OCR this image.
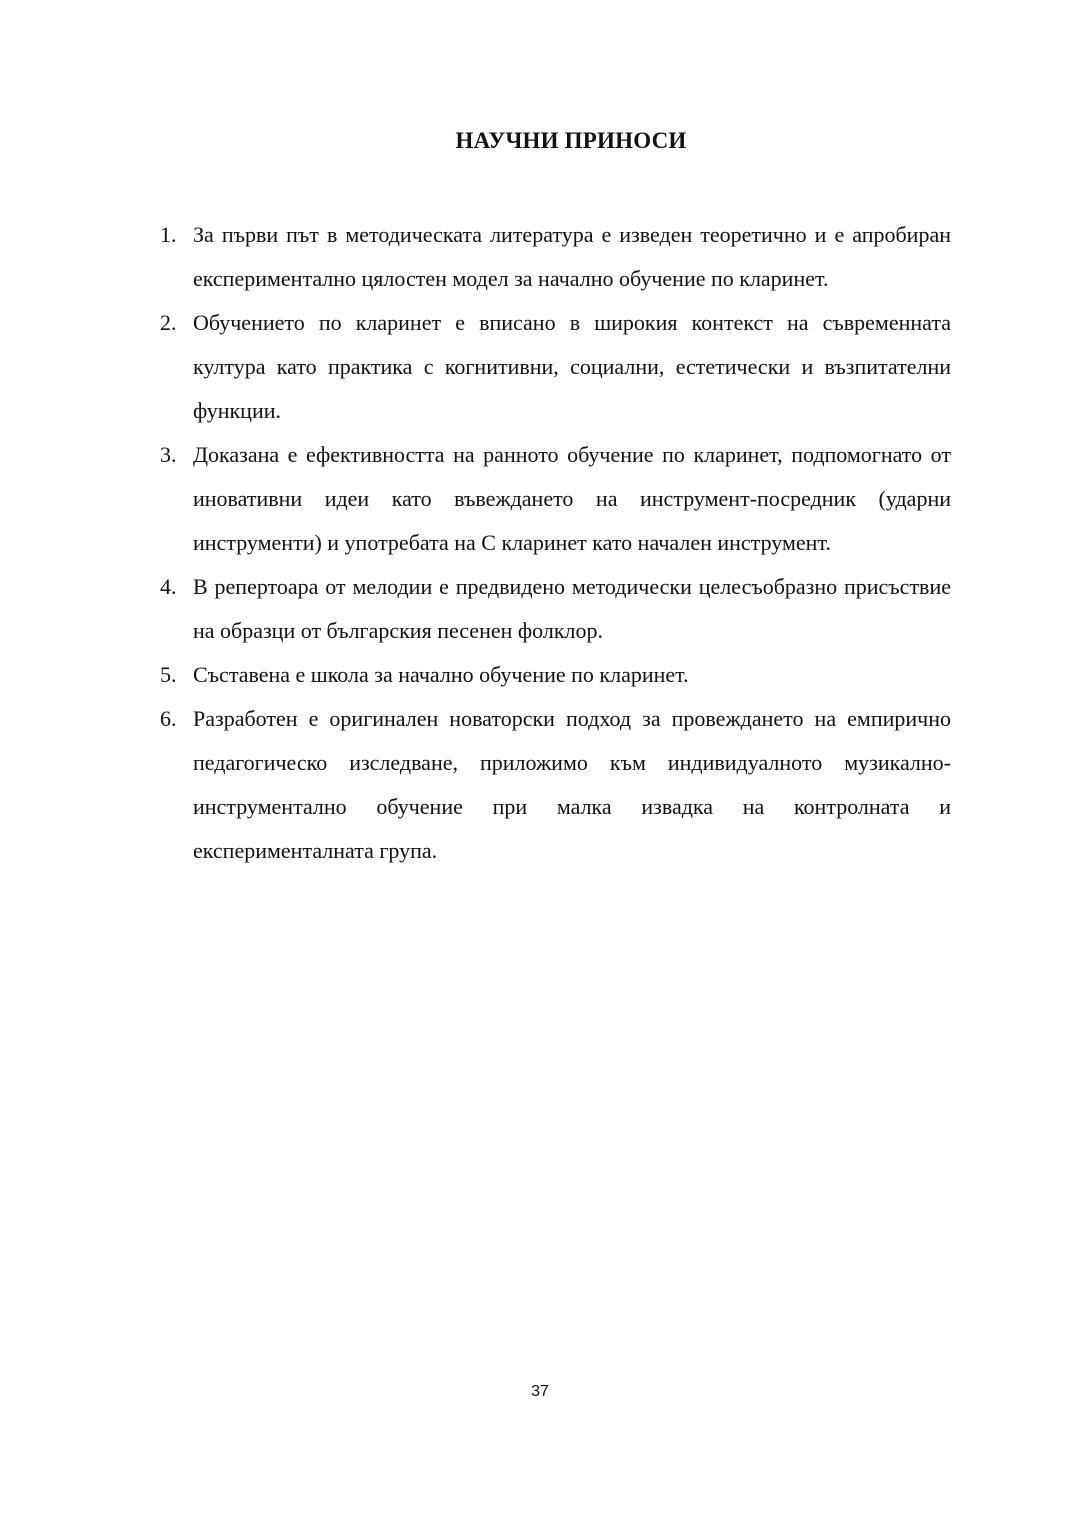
НАУЧНИ ПРИНОСИ
1. За първи път в методическата литература е изведен теоретично и е апробиран експериментално цялостен модел за начално обучение по кларинет.
2. Обучението по кларинет е вписано в широкия контекст на съвременната култура като практика с когнитивни, социални, естетически и възпитателни функции.
3. Доказана е ефективността на ранното обучение по кларинет, подпомогнато от иновативни идеи като въвеждането на инструмент-посредник (ударни инструменти) и употребата на С кларинет като начален инструмент.
4. В репертоара от мелодии е предвидено методически целесъобразно присъствие на образци от българския песенен фолклор.
5. Съставена е школа за начално обучение по кларинет.
6. Разработен е оригинален новаторски подход за провеждането на емпирично педагогическо изследване, приложимо към индивидуалното музикално-инструментално обучение при малка извадка на контролната и експерименталната група.
37
